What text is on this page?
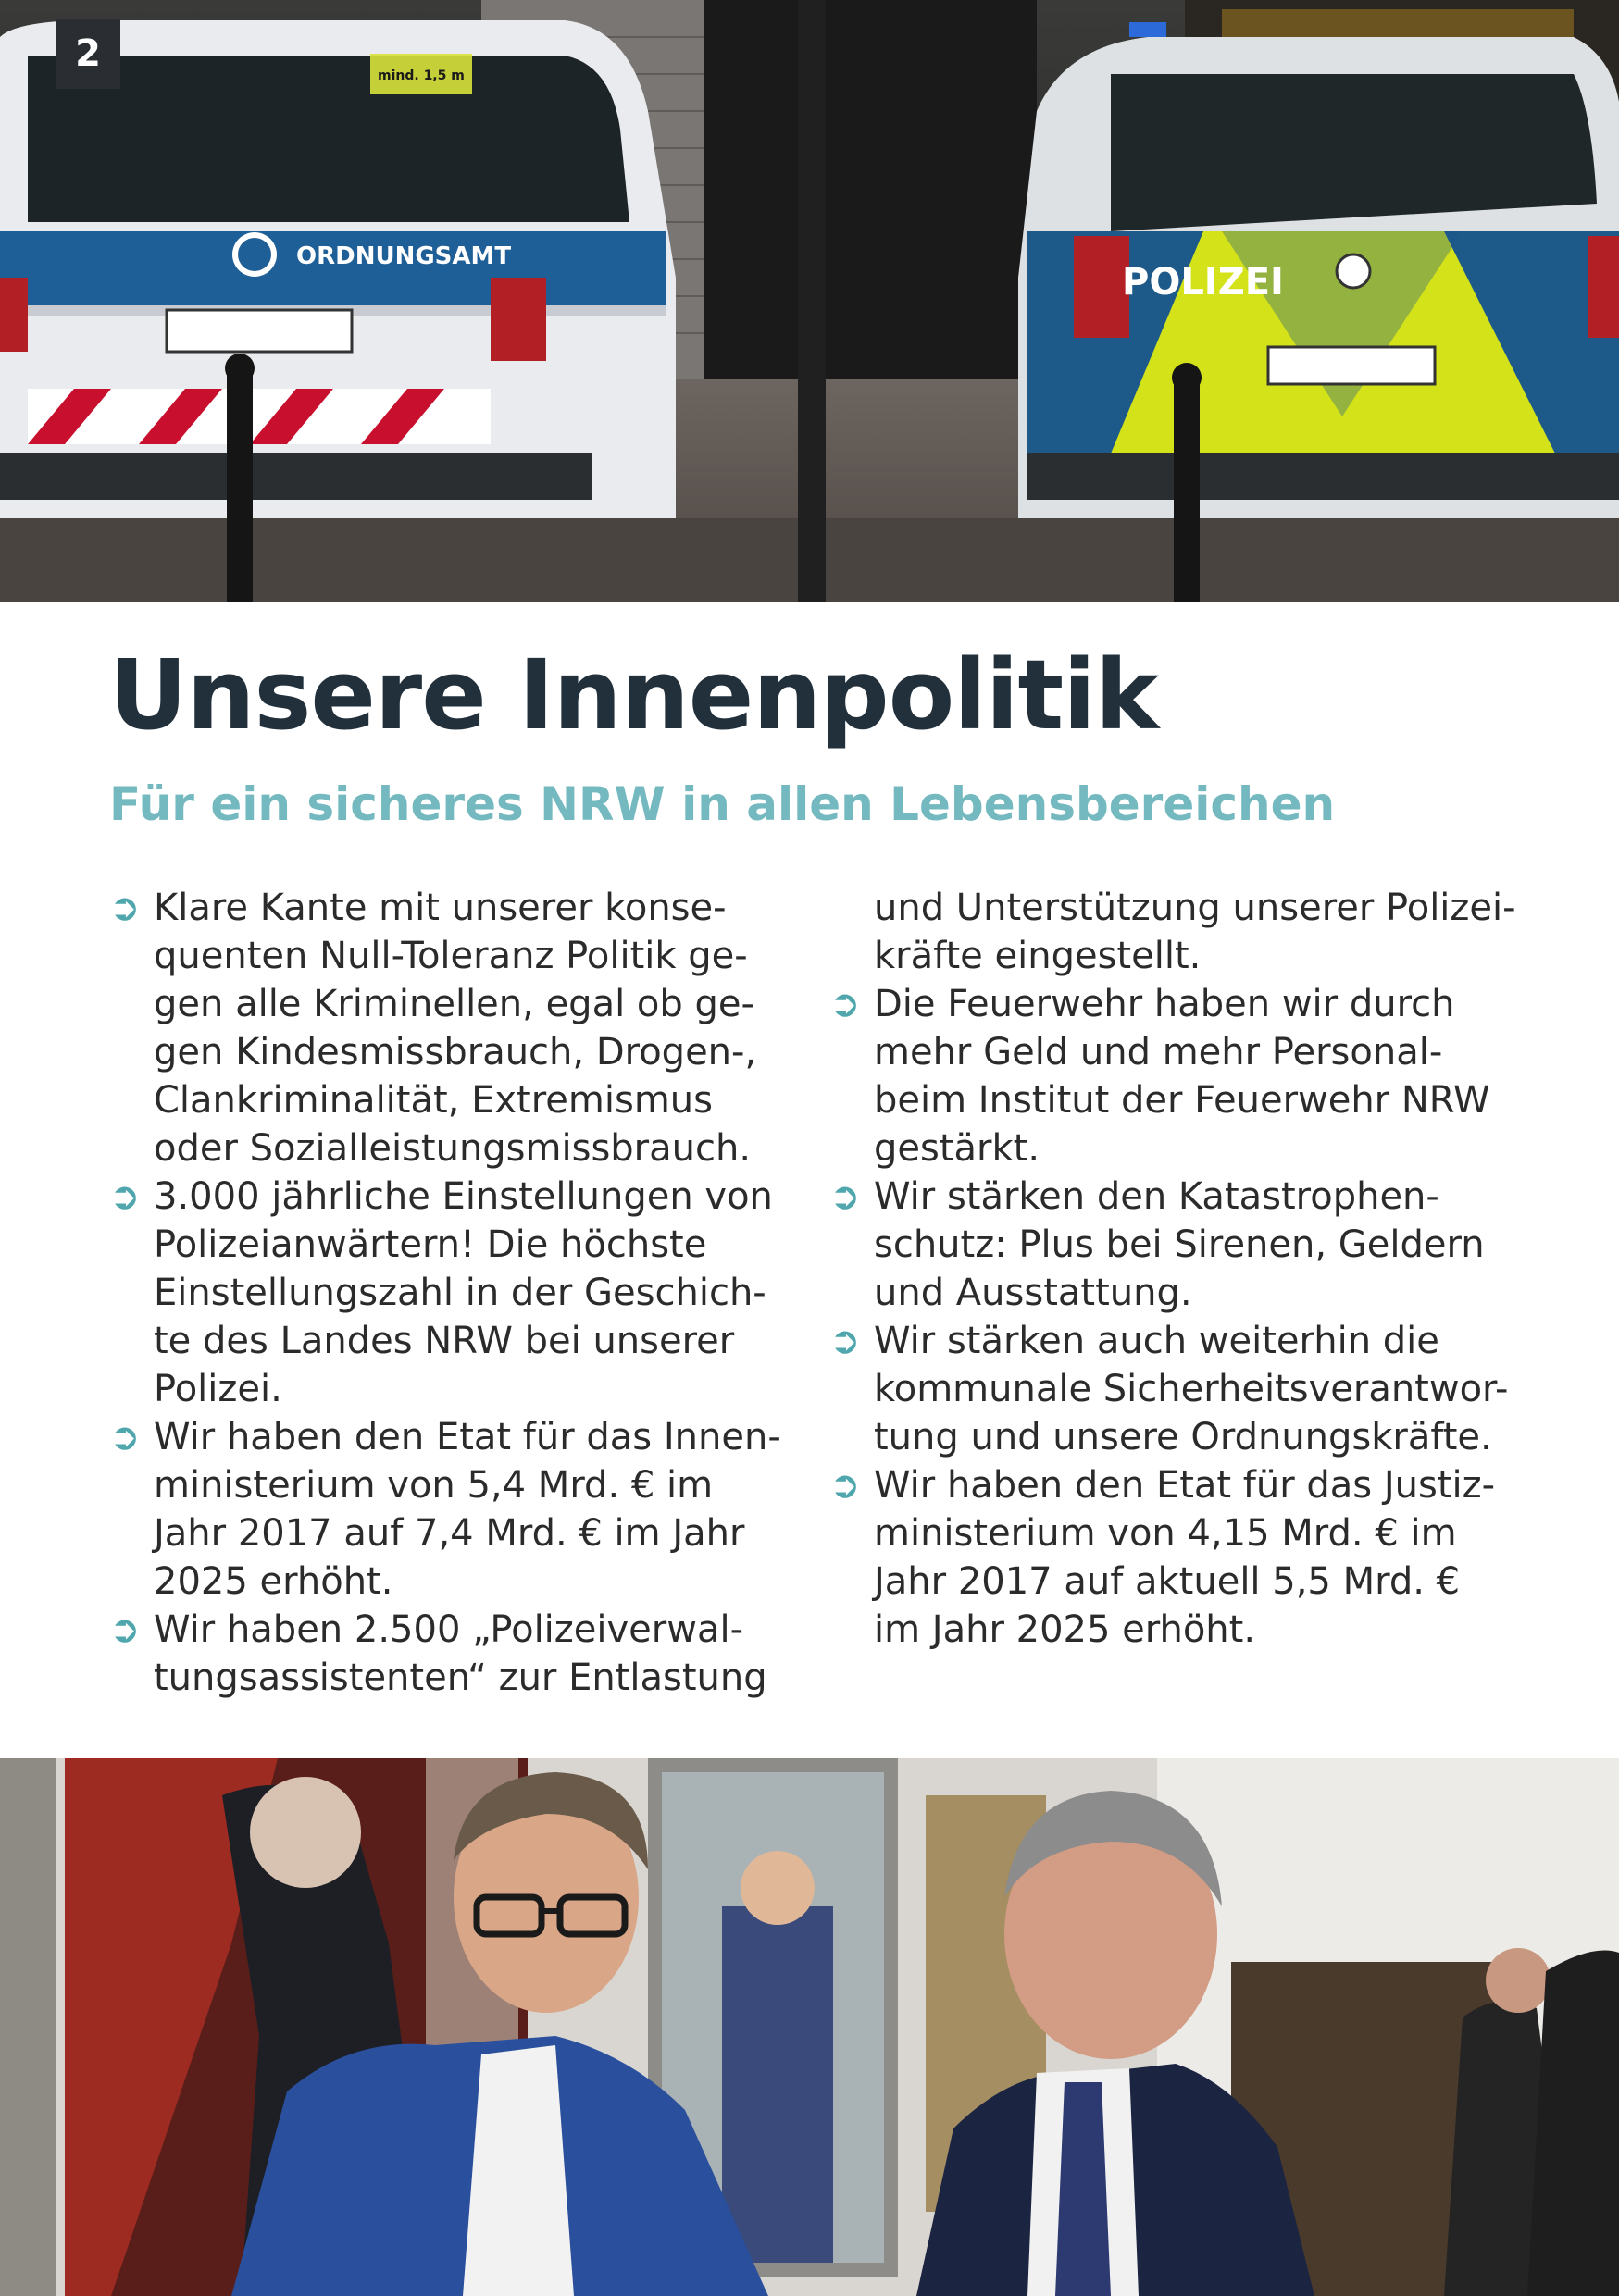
ORDNUNGSAMT
mind. 1,5 m
POLIZEI
2
Unsere Innenpolitik
Für ein sicheres NRW in allen Lebensbereichen
➲ Klare Kante mit unserer konse-
quenten Null-Toleranz Politik ge-
gen alle Kriminellen, egal ob ge-
gen Kindesmissbrauch, Drogen-,
Clankriminalität, Extremismus
oder Sozialleistungsmissbrauch.
➲ 3.000 jährliche Einstellungen von
Polizeianwärtern! Die höchste
Einstellungszahl in der Geschich-
te des Landes NRW bei unserer
Polizei.
➲ Wir haben den Etat für das Innen-
ministerium von 5,4 Mrd. € im
Jahr 2017 auf 7,4 Mrd. € im Jahr
2025 erhöht.
➲ Wir haben 2.500 „Polizeiverwal-
tungsassistenten“ zur Entlastung
und Unterstützung unserer Polizei-
kräfte eingestellt.
➲ Die Feuerwehr haben wir durch
mehr Geld und mehr Personal-
beim Institut der Feuerwehr NRW
gestärkt.
➲ Wir stärken den Katastrophen-
schutz: Plus bei Sirenen, Geldern
und Ausstattung.
➲ Wir stärken auch weiterhin die
kommunale Sicherheitsverantwor-
tung und unsere Ordnungskräfte.
➲ Wir haben den Etat für das Justiz-
ministerium von 4,15 Mrd. € im
Jahr 2017 auf aktuell 5,5 Mrd. €
im Jahr 2025 erhöht.
